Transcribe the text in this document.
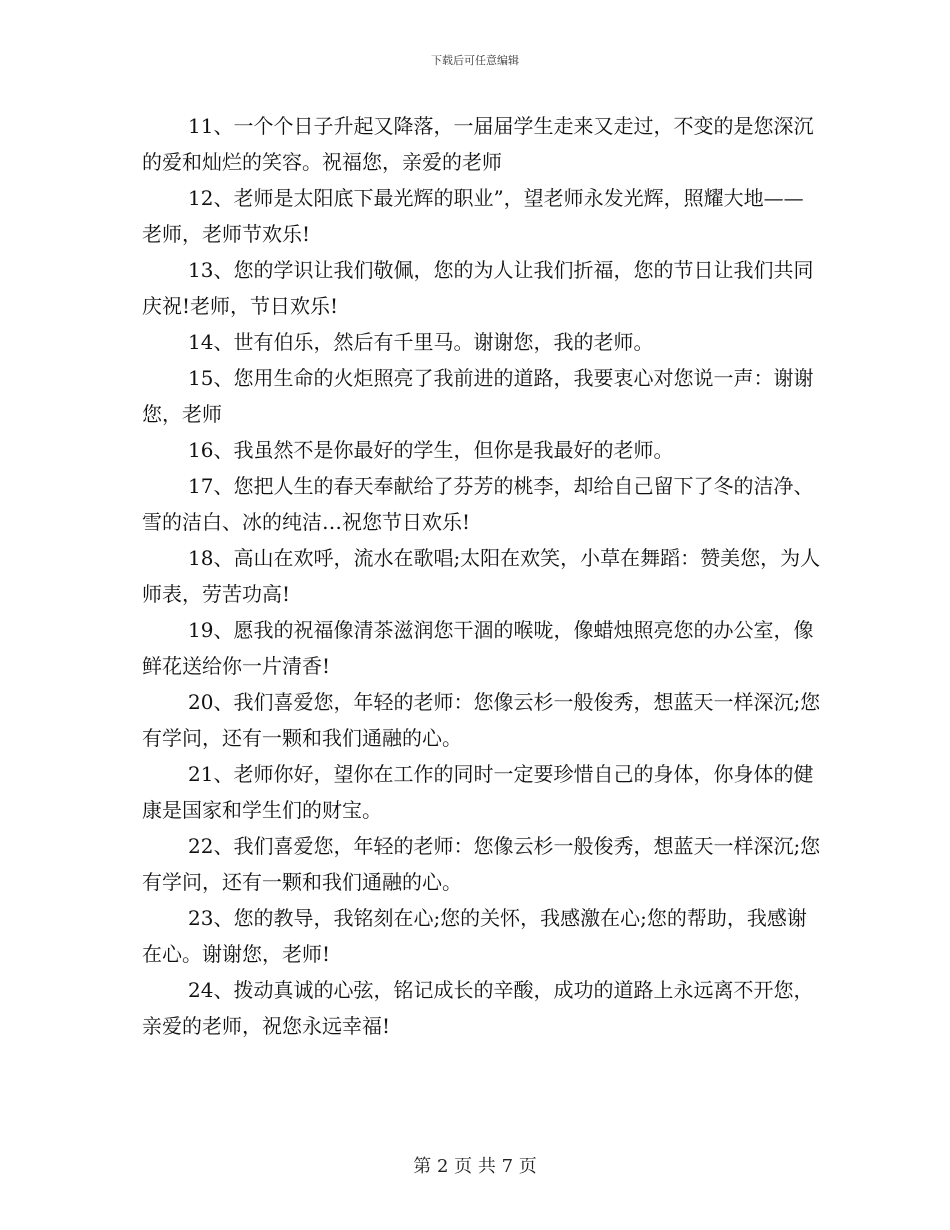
下载后可任意编辑

11、一个个日子升起又降落，一届届学生走来又走过，不变的是您深沉的爱和灿烂的笑容。祝福您，亲爱的老师

12、老师是太阳底下最光辉的职业”，望老师永发光辉，照耀大地——老师，老师节欢乐!

13、您的学识让我们敬佩，您的为人让我们折福，您的节日让我们共同庆祝!老师，节日欢乐!

14、世有伯乐，然后有千里马。谢谢您，我的老师。

15、您用生命的火炬照亮了我前进的道路，我要衷心对您说一声：谢谢您，老师

16、我虽然不是你最好的学生，但你是我最好的老师。

17、您把人生的春天奉献给了芬芳的桃李，却给自己留下了冬的洁净、雪的洁白、冰的纯洁…祝您节日欢乐!

18、高山在欢呼，流水在歌唱;太阳在欢笑，小草在舞蹈：赞美您，为人师表，劳苦功高!

19、愿我的祝福像清茶滋润您干涸的喉咙，像蜡烛照亮您的办公室，像鲜花送给你一片清香!

20、我们喜爱您，年轻的老师：您像云杉一般俊秀，想蓝天一样深沉;您有学问，还有一颗和我们通融的心。

21、老师你好，望你在工作的同时一定要珍惜自己的身体，你身体的健康是国家和学生们的财宝。

22、我们喜爱您，年轻的老师：您像云杉一般俊秀，想蓝天一样深沉;您有学问，还有一颗和我们通融的心。

23、您的教导，我铭刻在心;您的关怀，我感激在心;您的帮助，我感谢在心。谢谢您，老师!

24、拨动真诚的心弦，铭记成长的辛酸，成功的道路上永远离不开您，亲爱的老师，祝您永远幸福!

第 2 页 共 7 页
